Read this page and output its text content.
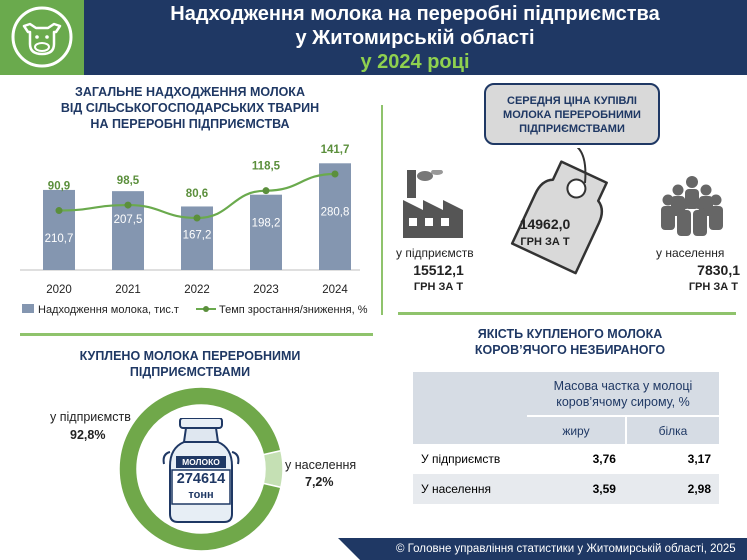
Надходження молока на переробні підприємства
у Житомирській області
у 2024 році
ЗАГАЛЬНЕ НАДХОДЖЕННЯ МОЛОКА
ВІД СІЛЬСЬКОГОСПОДАРСЬКИХ ТВАРИН
НА ПЕРЕРОБНІ ПІДПРИЄМСТВА
210,7
2020
207,5
2021
167,2
2022
198,2
2023
280,8
2024
90,9	98,5
80,6
118,5
141,7
Надходження молока, тис.т	Темп зростання/зниження, %
СЕРЕДНЯ ЦІНА КУПІВЛІ
МОЛОКА ПЕРЕРОБНИМИ
ПІДПРИЄМСТВАМИ
14962,0
ГРН ЗА Т
у підприємств
15512,1
ГРН ЗА Т
у населення
7830,1
ГРН ЗА Т
КУПЛЕНО МОЛОКА ПЕРЕРОБНИМИ
ПІДПРИЄМСТВАМИ
МОЛОКО
274614
тонн
у підприємств
92,8%
у населення
7,2%
ЯКІСТЬ КУПЛЕНОГО МОЛОКА
КОРОВ’ЯЧОГО НЕЗБИРАНОГО

	Масова частка у молоці
коров’ячому сирому, %	

	жиру	білка
У підприємств	3,76	3,17
У населення	3,59	2,98
© Головне управління статистики у Житомирській області, 2025
